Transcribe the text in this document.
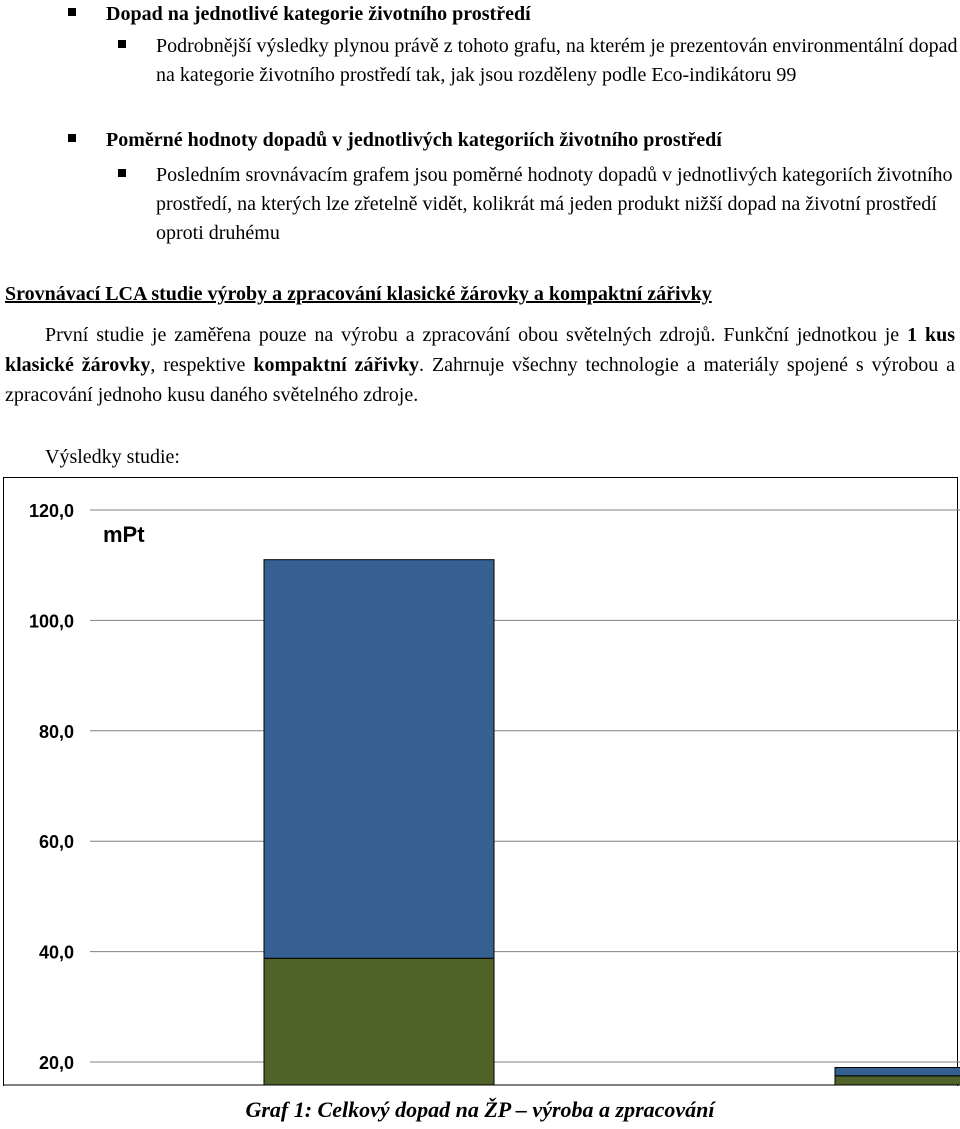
Dopad na jednotlivé kategorie životního prostředí
Podrobnější výsledky plynou právě z tohoto grafu, na kterém je prezentován environmentální dopad na kategorie životního prostředí tak, jak jsou rozděleny podle Eco-indikátoru 99
Poměrné hodnoty dopadů v jednotlivých kategoriích životního prostředí
Posledním srovnávacím grafem jsou poměrné hodnoty dopadů v jednotlivých kategoriích životního prostředí, na kterých lze zřetelně vidět, kolikrát má jeden produkt nižší dopad na životní prostředí oproti druhému
Srovnávací LCA studie výroby a zpracování klasické žárovky a kompaktní zářivky
První studie je zaměřena pouze na výrobu a zpracování obou světelných zdrojů. Funkční jednotkou je 1 kus klasické žárovky, respektive kompaktní zářivky. Zahrnuje všechny technologie a materiály spojené s výrobou a zpracování jednoho kusu daného světelného zdroje.
Výsledky studie:
120,0
100,0
80,0
60,0
40,0
20,0
mPt
Graf 1: Celkový dopad na ŽP – výroba a zpracování
